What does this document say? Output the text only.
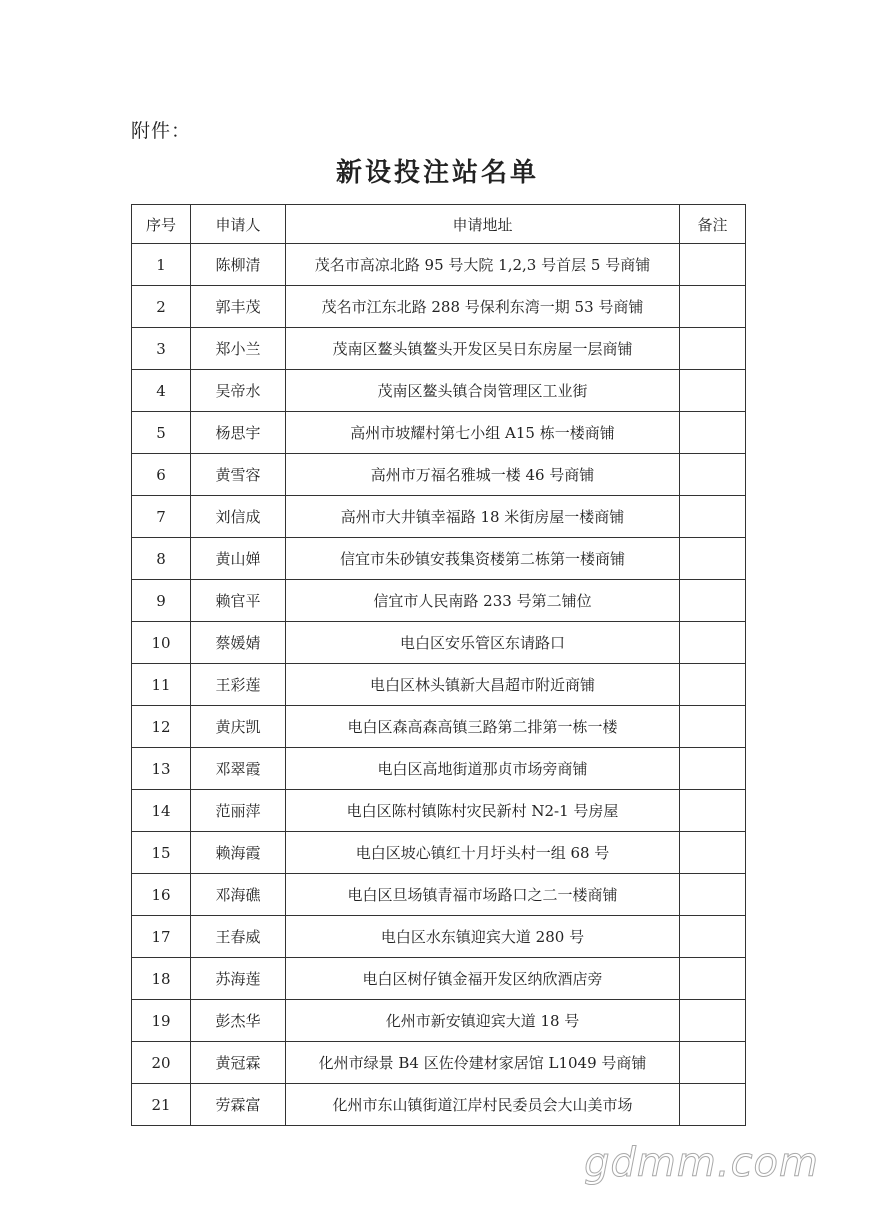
附件：
新设投注站名单
序号	申请人	申请地址	备注
1	陈柳清	茂名市高凉北路 95 号大院 1,2,3 号首层 5 号商铺	
2	郭丰茂	茂名市江东北路 288 号保利东湾一期 53 号商铺	
3	郑小兰	茂南区鳌头镇鳌头开发区吴日东房屋一层商铺	
4	吴帝水	茂南区鳌头镇合岗管理区工业街	
5	杨思宇	高州市坡耀村第七小组 A15 栋一楼商铺	
6	黄雪容	高州市万福名雅城一楼 46 号商铺	
7	刘信成	高州市大井镇幸福路 18 米街房屋一楼商铺	
8	黄山婵	信宜市朱砂镇安莪集资楼第二栋第一楼商铺	
9	赖官平	信宜市人民南路 233 号第二铺位	
10	蔡媛婧	电白区安乐管区东请路口	
11	王彩莲	电白区林头镇新大昌超市附近商铺	
12	黄庆凯	电白区森高森高镇三路第二排第一栋一楼	
13	邓翠霞	电白区高地街道那贞市场旁商铺	
14	范丽萍	电白区陈村镇陈村灾民新村 N2-1 号房屋	
15	赖海霞	电白区坡心镇红十月圩头村一组 68 号	
16	邓海礁	电白区旦场镇青福市场路口之二一楼商铺	
17	王春威	电白区水东镇迎宾大道 280 号	
18	苏海莲	电白区树仔镇金福开发区纳欣酒店旁	
19	彭杰华	化州市新安镇迎宾大道 18 号	
20	黄冠霖	化州市绿景 B4 区佐伶建材家居馆 L1049 号商铺	
21	劳霖富	化州市东山镇街道江岸村民委员会大山美市场	
gdmm.com
